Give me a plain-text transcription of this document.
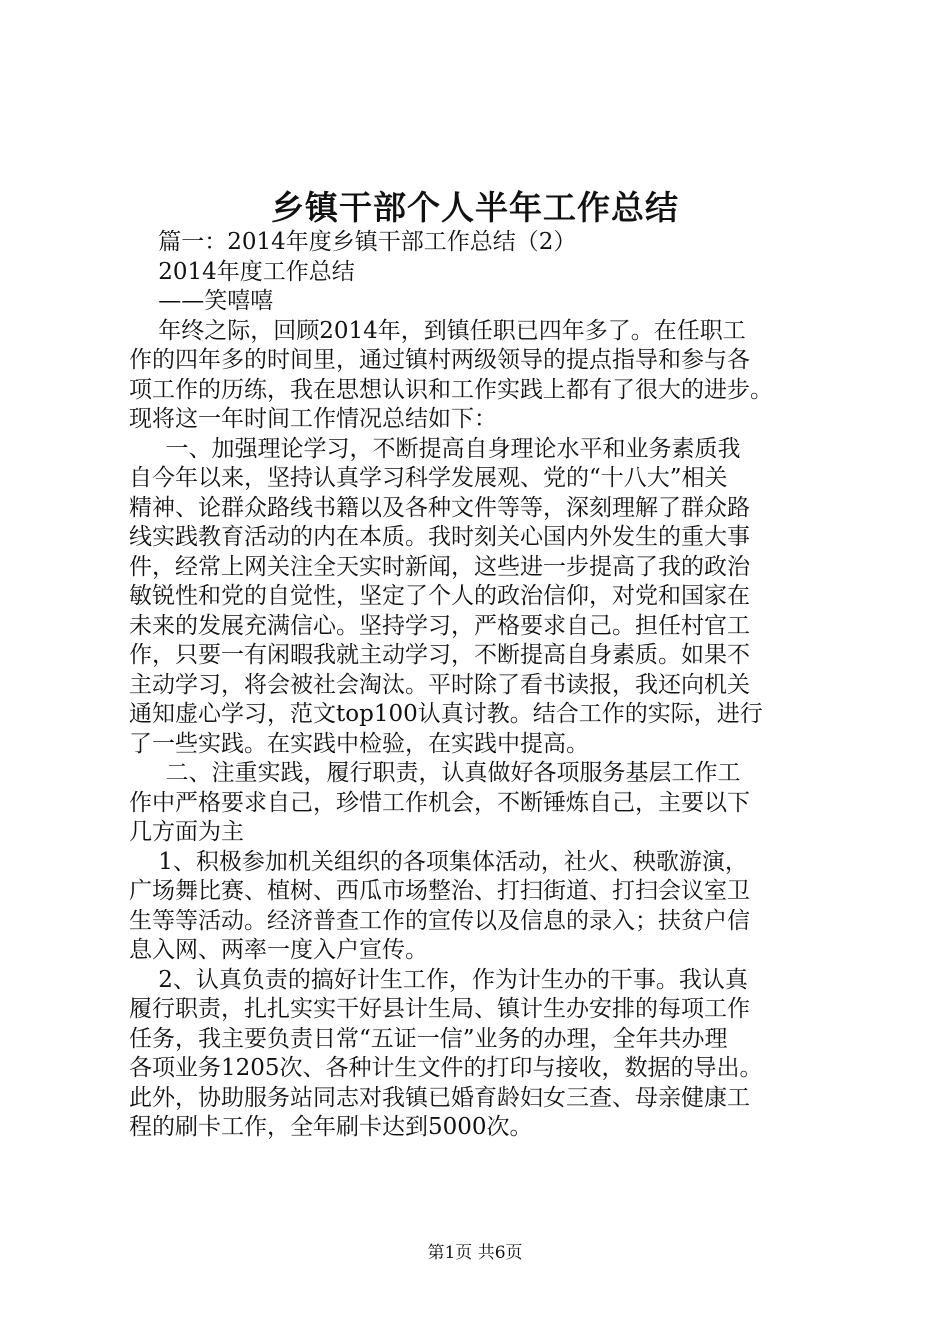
乡镇干部个人半年工作总结
篇一：2014年度乡镇干部工作总结（2）
2014年度工作总结
——笑嘻嘻
年终之际，回顾2014年，到镇任职已四年多了。在任职工
作的四年多的时间里，通过镇村两级领导的提点指导和参与各
项工作的历练，我在思想认识和工作实践上都有了很大的进步。
现将这一年时间工作情况总结如下：
一、加强理论学习，不断提高自身理论水平和业务素质我
自今年以来，坚持认真学习科学发展观、党的“十八大”相关
精神、论群众路线书籍以及各种文件等等，深刻理解了群众路
线实践教育活动的内在本质。我时刻关心国内外发生的重大事
件，经常上网关注全天实时新闻，这些进一步提高了我的政治
敏锐性和党的自觉性，坚定了个人的政治信仰，对党和国家在
未来的发展充满信心。坚持学习，严格要求自己。担任村官工
作，只要一有闲暇我就主动学习，不断提高自身素质。如果不
主动学习，将会被社会淘汰。平时除了看书读报，我还向机关
通知虚心学习，范文top100认真讨教。结合工作的实际，进行
了一些实践。在实践中检验，在实践中提高。
二、注重实践，履行职责，认真做好各项服务基层工作工
作中严格要求自己，珍惜工作机会，不断锤炼自己，主要以下
几方面为主
1、积极参加机关组织的各项集体活动，社火、秧歌游演，
广场舞比赛、植树、西瓜市场整治、打扫街道、打扫会议室卫
生等等活动。经济普查工作的宣传以及信息的录入；扶贫户信
息入网、两率一度入户宣传。
2、认真负责的搞好计生工作，作为计生办的干事。我认真
履行职责，扎扎实实干好县计生局、镇计生办安排的每项工作
任务，我主要负责日常“五证一信”业务的办理，全年共办理
各项业务1205次、各种计生文件的打印与接收，数据的导出。
此外，协助服务站同志对我镇已婚育龄妇女三查、母亲健康工
程的刷卡工作，全年刷卡达到5000次。
第1页 共6页
